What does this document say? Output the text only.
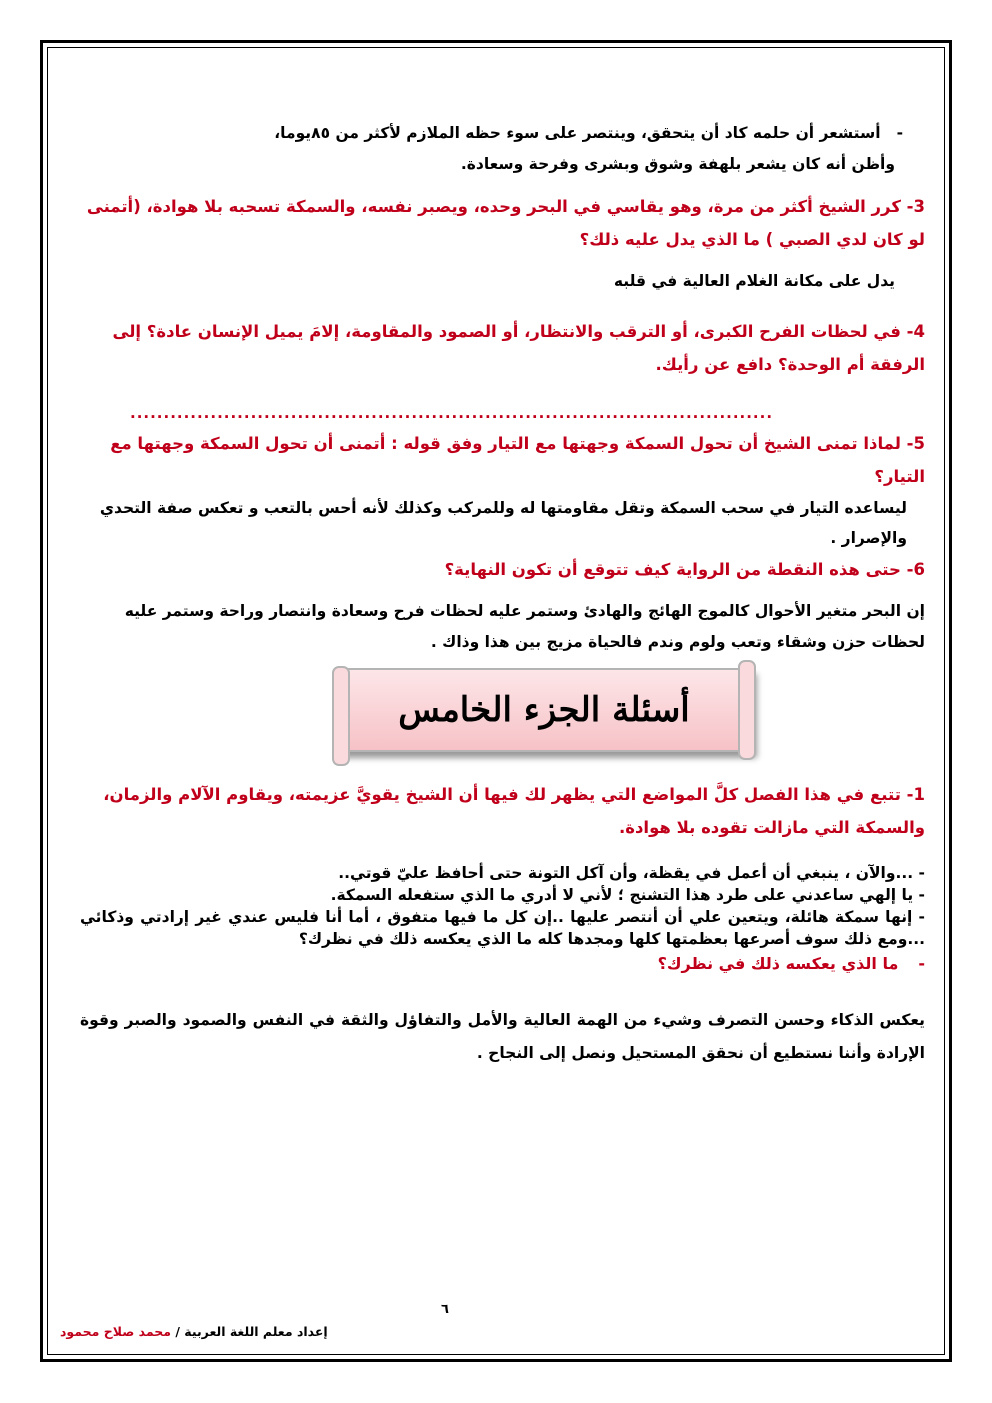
-
أستشعر أن حلمه كاد أن يتحقق، وينتصر على سوء حظه الملازم لأكثر من ٨٥يوما،

وأظن أنه كان يشعر بلهفة وشوق وبشرى وفرحة وسعادة.

3- كرر الشيخ أكثر من مرة، وهو يقاسي في البحر وحده، ويصبر نفسه، والسمكة تسحبه بلا هوادة، (أتمنى لو كان لدي الصبي ) ما الذي يدل عليه ذلك؟

يدل على مكانة الغلام العالية في قلبه

4- في لحظات الفرح الكبرى، أو الترقب والانتظار، أو الصمود والمقاومة، إلامَ يميل الإنسان عادة؟ إلى الرفقة أم الوحدة؟ دافع عن رأيك.

................................................................................................

5- لماذا تمنى الشيخ أن تحول السمكة وجهتها مع التيار وفق قوله : أتمنى أن تحول السمكة وجهتها مع التيار؟

ليساعده التيار في سحب السمكة وتقل مقاومتها له وللمركب وكذلك لأنه أحس بالتعب و تعكس صفة التحدي والإصرار .

6- حتى هذه النقطة من الرواية كيف تتوقع أن تكون النهاية؟

إن البحر متغير الأحوال كالموج الهائج والهادئ وستمر عليه لحظات فرح وسعادة وانتصار وراحة وستمر عليه لحظات حزن وشقاء وتعب ولوم وندم فالحياة مزيج بين هذا وذاك .

أسئلة الجزء الخامس

1- تتبع في هذا الفصل كلَّ المواضع التي يظهر لك فيها أن الشيخ يقويَّ عزيمته، ويقاوم الآلام والزمان، والسمكة التي مازالت تقوده بلا هوادة.

- ...والآن ، ينبغي أن أعمل في يقظة، وأن آكل التونة حتى أحافظ عليّ قوتي..

- يا إلهي ساعدني على طرد هذا التشنج ؛ لأني لا أدري ما الذي ستفعله السمكة.

- إنها سمكة هائلة، ويتعين علي أن أنتصر عليها ..إن كل ما فيها متفوق ، أما أنا فليس عندي غير إرادتي وذكائي ...ومع ذلك سوف أصرعها بعظمتها كلها ومجدها كله ما الذي يعكسه ذلك في نظرك؟

-
ما الذي يعكسه ذلك في نظرك؟

يعكس الذكاء وحسن التصرف وشيء من الهمة العالية والأمل والتفاؤل والثقة في النفس والصمود والصبر وقوة الإرادة وأننا نستطيع أن نحقق المستحيل ونصل إلى النجاح .

٦
إعداد معلم اللغة العربية / محمد صلاح محمود
